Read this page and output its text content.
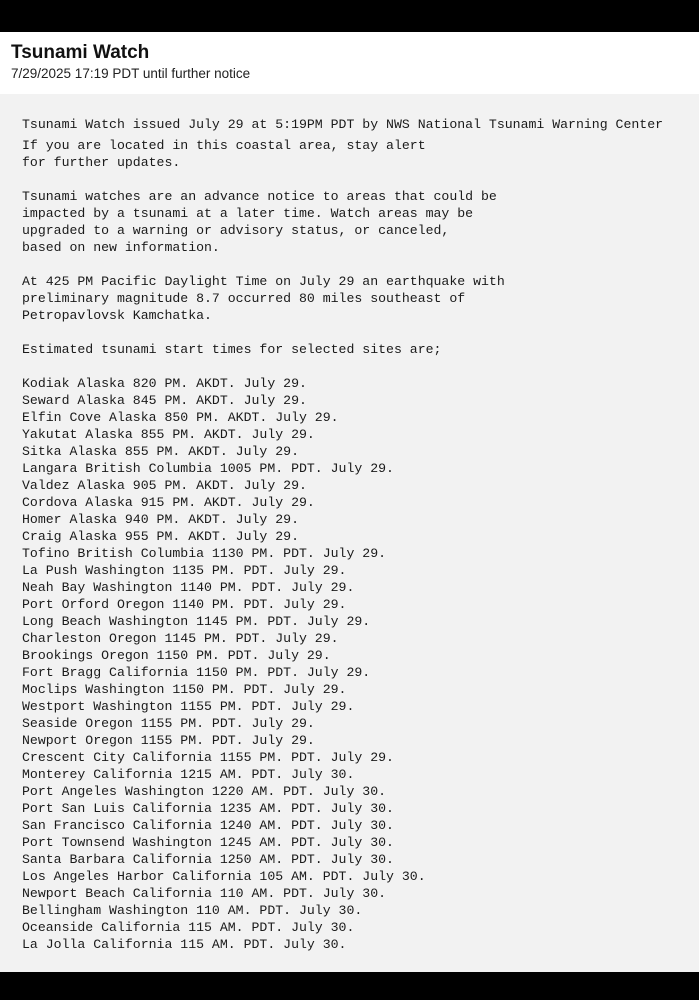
Tsunami Watch
7/29/2025 17:19 PDT until further notice
Tsunami Watch issued July 29 at 5:19PM PDT by NWS National Tsunami Warning Center
If you are located in this coastal area, stay alert
for further updates.
Tsunami watches are an advance notice to areas that could be
impacted by a tsunami at a later time. Watch areas may be
upgraded to a warning or advisory status, or canceled,
based on new information.
At 425 PM Pacific Daylight Time on July 29 an earthquake with
preliminary magnitude 8.7 occurred 80 miles southeast of
Petropavlovsk Kamchatka.
Estimated tsunami start times for selected sites are;
Kodiak Alaska 820 PM. AKDT. July 29.
Seward Alaska 845 PM. AKDT. July 29.
Elfin Cove Alaska 850 PM. AKDT. July 29.
Yakutat Alaska 855 PM. AKDT. July 29.
Sitka Alaska 855 PM. AKDT. July 29.
Langara British Columbia 1005 PM. PDT. July 29.
Valdez Alaska 905 PM. AKDT. July 29.
Cordova Alaska 915 PM. AKDT. July 29.
Homer Alaska 940 PM. AKDT. July 29.
Craig Alaska 955 PM. AKDT. July 29.
Tofino British Columbia 1130 PM. PDT. July 29.
La Push Washington 1135 PM. PDT. July 29.
Neah Bay Washington 1140 PM. PDT. July 29.
Port Orford Oregon 1140 PM. PDT. July 29.
Long Beach Washington 1145 PM. PDT. July 29.
Charleston Oregon 1145 PM. PDT. July 29.
Brookings Oregon 1150 PM. PDT. July 29.
Fort Bragg California 1150 PM. PDT. July 29.
Moclips Washington 1150 PM. PDT. July 29.
Westport Washington 1155 PM. PDT. July 29.
Seaside Oregon 1155 PM. PDT. July 29.
Newport Oregon 1155 PM. PDT. July 29.
Crescent City California 1155 PM. PDT. July 29.
Monterey California 1215 AM. PDT. July 30.
Port Angeles Washington 1220 AM. PDT. July 30.
Port San Luis California 1235 AM. PDT. July 30.
San Francisco California 1240 AM. PDT. July 30.
Port Townsend Washington 1245 AM. PDT. July 30.
Santa Barbara California 1250 AM. PDT. July 30.
Los Angeles Harbor California 105 AM. PDT. July 30.
Newport Beach California 110 AM. PDT. July 30.
Bellingham Washington 110 AM. PDT. July 30.
Oceanside California 115 AM. PDT. July 30.
La Jolla California 115 AM. PDT. July 30.
